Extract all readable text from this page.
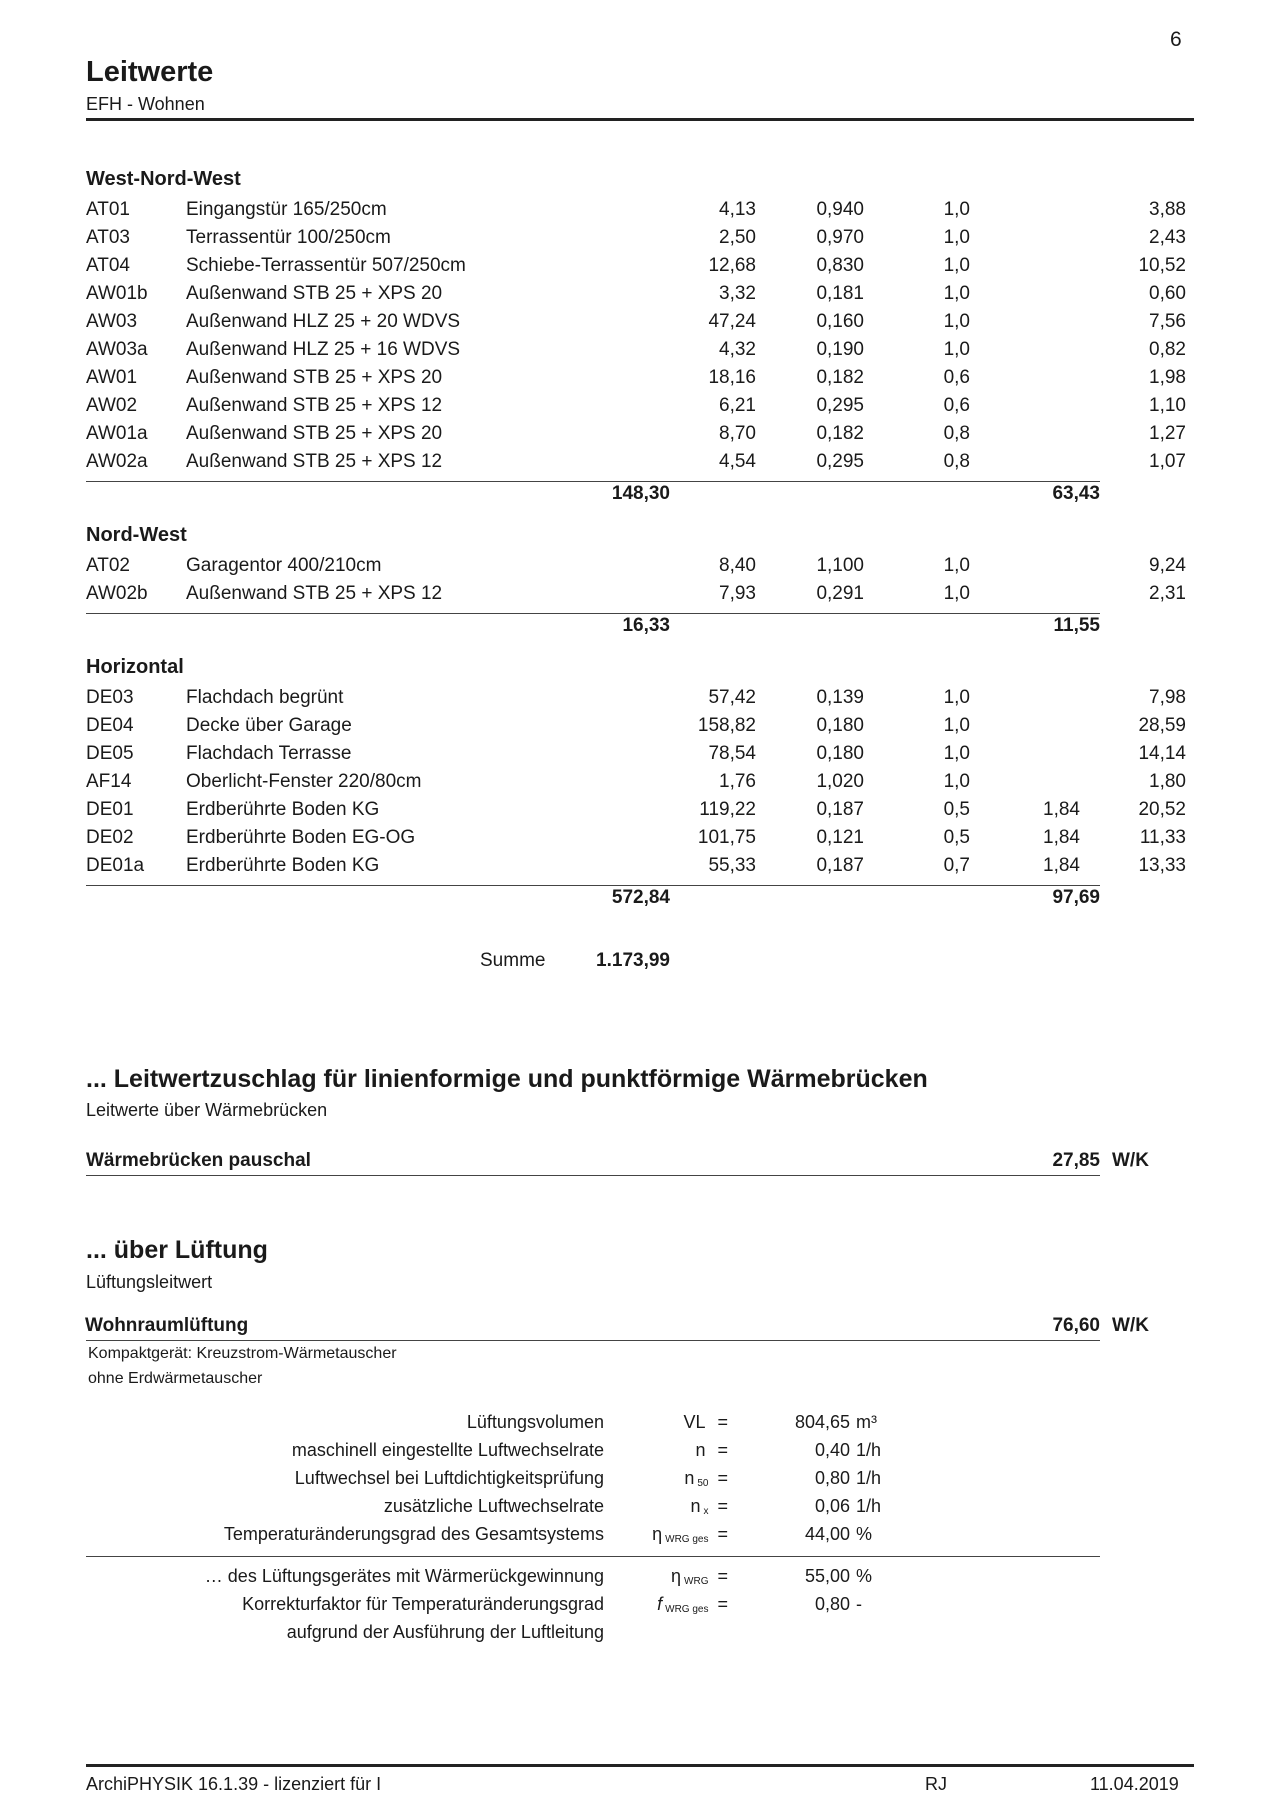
6
Leitwerte
EFH - Wohnen
West-Nord-West
AT01	Eingangstür 165/250cm	4,13	0,940	1,0	3,88
AT03	Terrassentür 100/250cm	2,50	0,970	1,0	2,43
AT04	Schiebe-Terrassentür 507/250cm	12,68	0,830	1,0	10,52
AW01b Außenwand STB 25 + XPS 20	3,32	0,181	1,0	0,60
AW03	Außenwand HLZ 25 + 20 WDVS	47,24	0,160	1,0	7,56
AW03a Außenwand HLZ 25 + 16 WDVS	4,32	0,190	1,0	0,82
AW01	Außenwand STB 25 + XPS 20	18,16	0,182	0,6	1,98
AW02	Außenwand STB 25 + XPS 12	6,21	0,295	0,6	1,10
AW01a Außenwand STB 25 + XPS 20	8,70	0,182	0,8	1,27
AW02a Außenwand STB 25 + XPS 12	4,54	0,295	0,8	1,07
148,30	63,43
Nord-West
AT02	Garagentor 400/210cm	8,40	1,100	1,0	9,24
AW02b Außenwand STB 25 + XPS 12	7,93	0,291	1,0	2,31
16,33	11,55
Horizontal
DE03	Flachdach begrünt	57,42	0,139	1,0	7,98
DE04	Decke über Garage	158,82	0,180	1,0	28,59
DE05	Flachdach Terrasse	78,54	0,180	1,0	14,14
AF14	Oberlicht-Fenster 220/80cm	1,76	1,020	1,0	1,80
DE01	Erdberührte Boden KG	119,22	0,187	0,5	1,84	20,52
DE02	Erdberührte Boden EG-OG	101,75	0,121	0,5	1,84	11,33
DE01a Erdberührte Boden KG	55,33	0,187	0,7	1,84	13,33
572,84	97,69
Summe	1.173,99
... Leitwertzuschlag für linienformige und punktförmige Wärmebrücken
Leitwerte über Wärmebrücken
Wärmebrücken pauschal	27,85 W/K
... über Lüftung
Lüftungsleitwert
Wohnraumlüftung	76,60 W/K
Kompaktgerät: Kreuzstrom-Wärmetauscher
ohne Erdwärmetauscher
Lüftungsvolumen	VL =	804,65 m³
maschinell eingestellte Luftwechselrate	n =	0,40 1/h
Luftwechsel bei Luftdichtigkeitsprüfung	n $_{50}$ =	0,80 1/h
zusätzliche Luftwechselrate	n $_x$ =	0,06 1/h
Temperaturänderungsgrad des Gesamtsystems	η $_{WRG ges}$ =	44,00 %
… des Lüftungsgerätes mit Wärmerückgewinnung	η $_{WRG}$ =	55,00 %
Korrekturfaktor für Temperaturänderungsgrad	f $_{WRG ges}$ =	0,80 -
aufgrund der Ausführung der Luftleitung
ArchiPHYSIK 16.1.39 - lizenziert für I	RJ	11.04.2019
